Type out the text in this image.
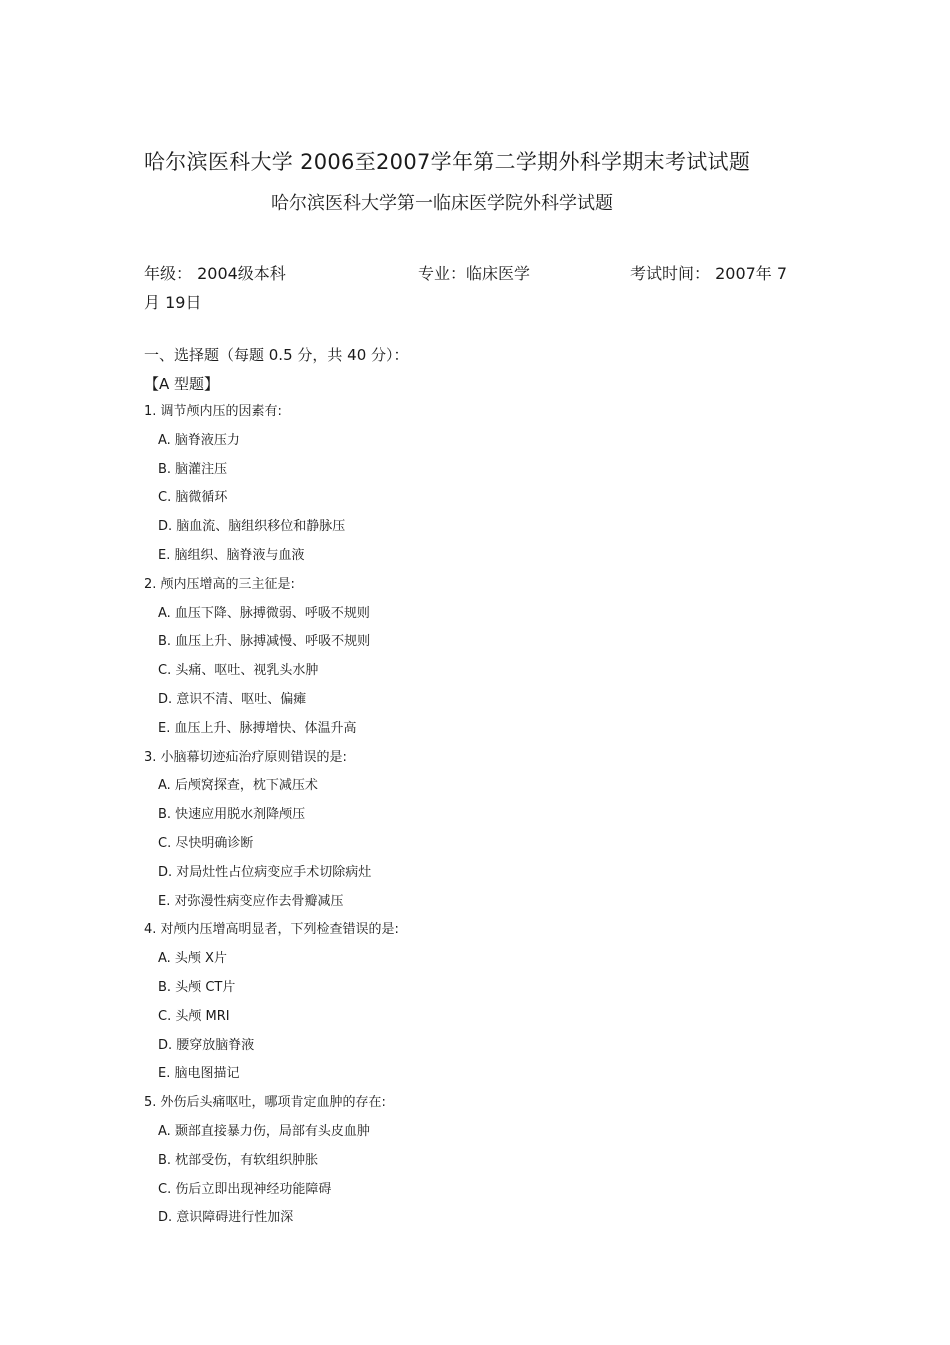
哈尔滨医科大学 2006至2007学年第二学期外科学期末考试试题
哈尔滨医科大学第一临床医学院外科学试题
年级： 2004级本科	专业：临床医学	考试时间： 2007年 7
月 19日
一、选择题（每题 0.5 分，共 40 分）：
【A 型题】
1. 调节颅内压的因素有:
A. 脑脊液压力
B. 脑灌注压
C. 脑微循环
D. 脑血流、脑组织移位和静脉压
E. 脑组织、脑脊液与血液
2. 颅内压增高的三主征是:
A. 血压下降、脉搏微弱、呼吸不规则
B. 血压上升、脉搏减慢、呼吸不规则
C. 头痛、呕吐、视乳头水肿
D. 意识不清、呕吐、偏瘫
E. 血压上升、脉搏增快、体温升高
3. 小脑幕切迹疝治疗原则错误的是:
A. 后颅窝探查，枕下减压术
B. 快速应用脱水剂降颅压
C. 尽快明确诊断
D. 对局灶性占位病变应手术切除病灶
E. 对弥漫性病变应作去骨瓣减压
4. 对颅内压增高明显者，下列检查错误的是:
A. 头颅 X片
B. 头颅 CT片
C. 头颅 MRI
D. 腰穿放脑脊液
E. 脑电图描记
5. 外伤后头痛呕吐，哪项肯定血肿的存在:
A. 颞部直接暴力伤，局部有头皮血肿
B. 枕部受伤，有软组织肿胀
C. 伤后立即出现神经功能障碍
D. 意识障碍进行性加深
